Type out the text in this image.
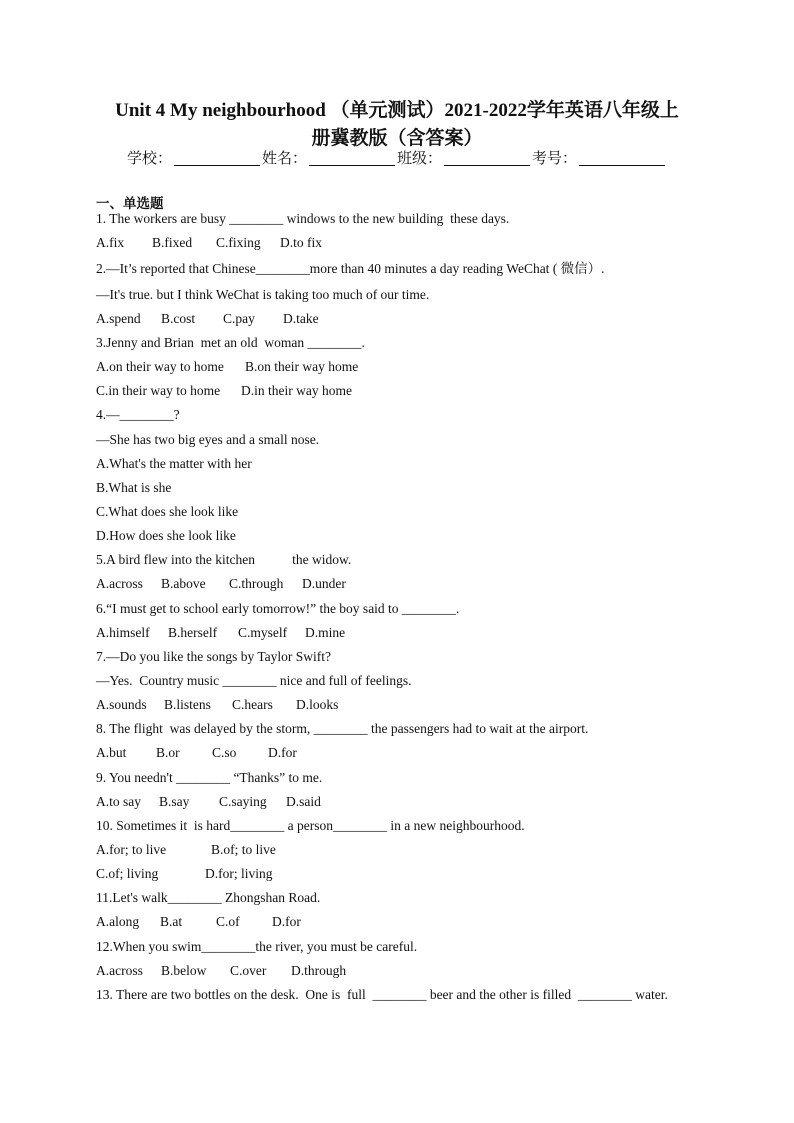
Unit 4 My neighbourhood （单元测试）2021-2022学年英语八年级上
册冀教版（含答案）
学校：	姓名：	班级：	考号：
一、单选题
1. The workers are busy ________ windows to the new building  these days.
A.fix B.fixed C.fixing D.to fix
2.—It’s reported that Chinese________more than 40 minutes a day reading WeChat ( 微信）.
—It's true. but I think WeChat is taking too much of our time.
A.spend B.cost C.pay D.take
3.Jenny and Brian  met an old  woman ________.
A.on their way to home B.on their way home
C.in their way to home D.in their way home
4.—________?
—She has two big eyes and a small nose.
A.What's the matter with her
B.What is she
C.What does she look like
D.How does she look like
5.A bird flew into the kitchen           the widow.
A.across B.above C.through D.under
6.“I must get to school early tomorrow!” the boy said to ________.
A.himself B.herself C.myself D.mine
7.—Do you like the songs by Taylor Swift?
—Yes.  Country music ________ nice and full of feelings.
A.sounds B.listens C.hears D.looks
8. The flight  was delayed by the storm, ________ the passengers had to wait at the airport.
A.but B.or C.so D.for
9. You needn't ________ “Thanks” to me.
A.to say B.say C.saying D.said
10. Sometimes it  is hard________ a person________ in a new neighbourhood.
A.for; to live	B.of; to live
C.of; living	D.for; living
11.Let's walk________ Zhongshan Road.
A.along B.at	C.of D.for
12.When you swim________the river, you must be careful.
A.across B.below C.over D.through
13. There are two bottles on the desk.  One is  full  ________ beer and the other is filled  ________ water.
